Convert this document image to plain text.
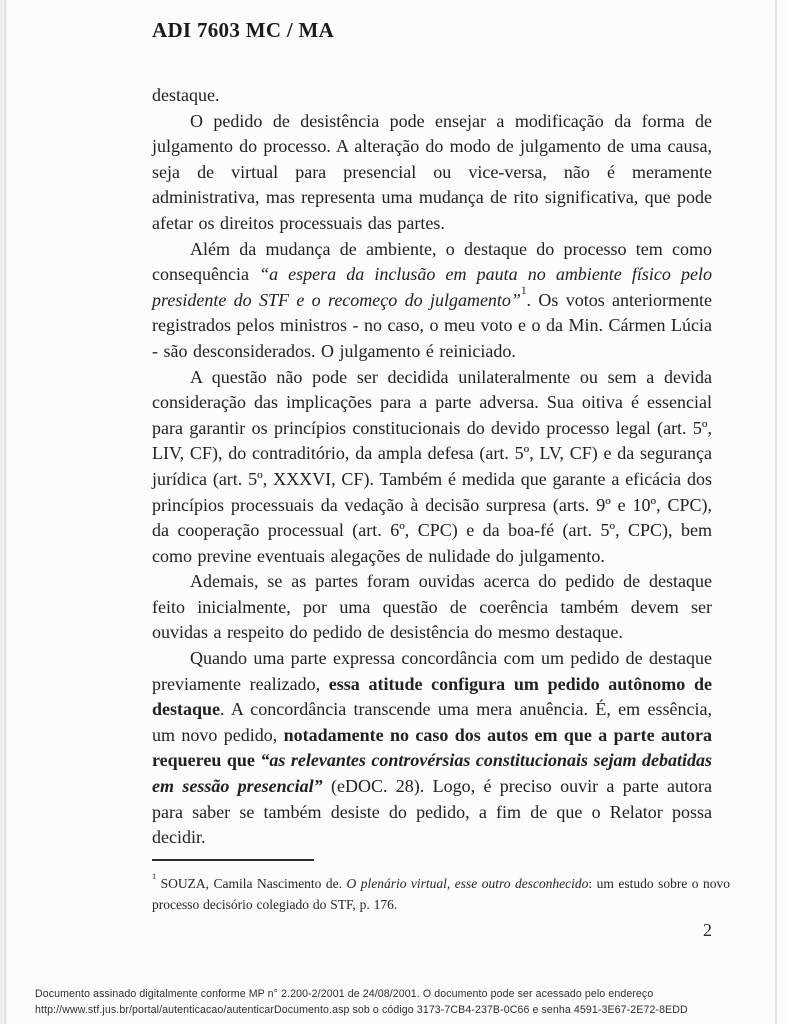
ADI 7603 MC / MA

destaque.

O pedido de desistência pode ensejar a modificação da forma de julgamento do processo. A alteração do modo de julgamento de uma causa, seja de virtual para presencial ou vice-versa, não é meramente administrativa, mas representa uma mudança de rito significativa, que pode afetar os direitos processuais das partes.

Além da mudança de ambiente, o destaque do processo tem como consequência “a espera da inclusão em pauta no ambiente físico pelo presidente do STF e o recomeço do julgamento”$^1$. Os votos anteriormente registrados pelos ministros - no caso, o meu voto e o da Min. Cármen Lúcia - são desconsiderados. O julgamento é reiniciado.

A questão não pode ser decidida unilateralmente ou sem a devida consideração das implicações para a parte adversa. Sua oitiva é essencial para garantir os princípios constitucionais do devido processo legal (art. 5º, LIV, CF), do contraditório, da ampla defesa (art. 5º, LV, CF) e da segurança jurídica (art. 5º, XXXVI, CF). Também é medida que garante a eficácia dos princípios processuais da vedação à decisão surpresa (arts. 9º e 10º, CPC), da cooperação processual (art. 6º, CPC) e da boa-fé (art. 5º, CPC), bem como previne eventuais alegações de nulidade do julgamento.

Ademais, se as partes foram ouvidas acerca do pedido de destaque feito inicialmente, por uma questão de coerência também devem ser ouvidas a respeito do pedido de desistência do mesmo destaque.

Quando uma parte expressa concordância com um pedido de destaque previamente realizado, essa atitude configura um pedido autônomo de destaque. A concordância transcende uma mera anuência. É, em essência, um novo pedido, notadamente no caso dos autos em que a parte autora requereu que “as relevantes controvérsias constitucionais sejam debatidas em sessão presencial” (eDOC. 28). Logo, é preciso ouvir a parte autora para saber se também desiste do pedido, a fim de que o Relator possa decidir.

$^1$ SOUZA, Camila Nascimento de. O plenário virtual, esse outro desconhecido: um estudo sobre o novo processo decisório colegiado do STF, p. 176.
2
Documento assinado digitalmente conforme MP n° 2.200-2/2001 de 24/08/2001. O documento pode ser acessado pelo endereço
http://www.stf.jus.br/portal/autenticacao/autenticarDocumento.asp sob o código 3173-7CB4-237B-0C66 e senha 4591-3E67-2E72-8EDD
